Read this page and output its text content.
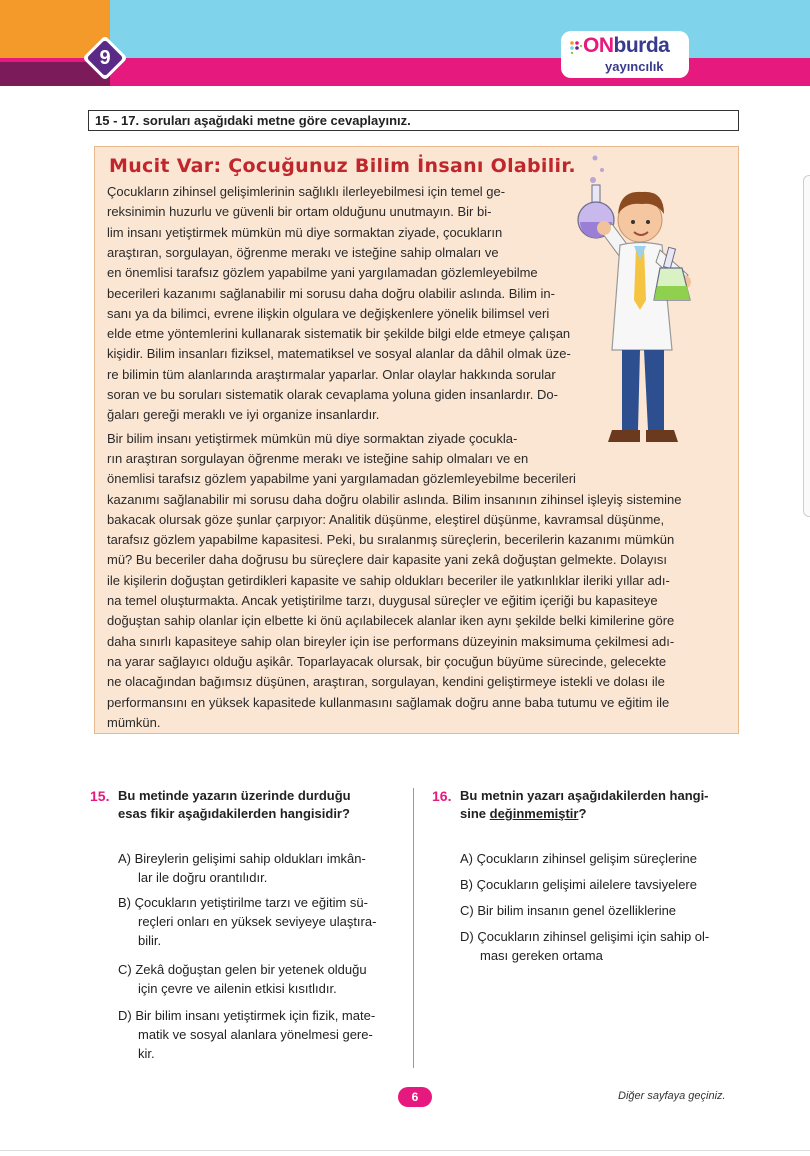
9
ONburda
yayıncılık
15 - 17. soruları aşağıdaki metne göre cevaplayınız.
Mucit Var: Çocuğunuz Bilim İnsanı Olabilir.
Çocukların zihinsel gelişimlerinin sağlıklı ilerleyebilmesi için temel ge-
reksinimin huzurlu ve güvenli bir ortam olduğunu unutmayın. Bir bi-
lim insanı yetiştirmek mümkün mü diye sormaktan ziyade, çocukların
araştıran, sorgulayan, öğrenme merakı ve isteğine sahip olmaları ve
en önemlisi tarafsız gözlem yapabilme yani yargılamadan gözlemleyebilme
becerileri kazanımı sağlanabilir mi sorusu daha doğru olabilir aslında. Bilim in-
sanı ya da bilimci, evrene ilişkin olgulara ve değişkenlere yönelik bilimsel veri
elde etme yöntemlerini kullanarak sistematik bir şekilde bilgi elde etmeye çalışan
kişidir. Bilim insanları fiziksel, matematiksel ve sosyal alanlar da dâhil olmak üze-
re bilimin tüm alanlarında araştırmalar yaparlar. Onlar olaylar hakkında sorular
soran ve bu soruları sistematik olarak cevaplama yoluna giden insanlardır. Do-
ğaları gereği meraklı ve iyi organize insanlardır.
Bir bilim insanı yetiştirmek mümkün mü diye sormaktan ziyade çocukla-
rın araştıran sorgulayan öğrenme merakı ve isteğine sahip olmaları ve en
önemlisi tarafsız gözlem yapabilme yani yargılamadan gözlemleyebilme becerileri
kazanımı sağlanabilir mi sorusu daha doğru olabilir aslında. Bilim insanının zihinsel işleyiş sistemine
bakacak olursak göze şunlar çarpıyor: Analitik düşünme, eleştirel düşünme, kavramsal düşünme,
tarafsız gözlem yapabilme kapasitesi. Peki, bu sıralanmış süreçlerin, becerilerin kazanımı mümkün
mü? Bu beceriler daha doğrusu bu süreçlere dair kapasite yani zekâ doğuştan gelmekte. Dolayısı
ile kişilerin doğuştan getirdikleri kapasite ve sahip oldukları beceriler ile yatkınlıklar ileriki yıllar adı-
na temel oluşturmakta. Ancak yetiştirilme tarzı, duygusal süreçler ve eğitim içeriği bu kapasiteye
doğuştan sahip olanlar için elbette ki önü açılabilecek alanlar iken aynı şekilde belki kimilerine göre
daha sınırlı kapasiteye sahip olan bireyler için ise performans düzeyinin maksimuma çekilmesi adı-
na yarar sağlayıcı olduğu aşikâr. Toparlayacak olursak, bir çocuğun büyüme sürecinde, gelecekte
ne olacağından bağımsız düşünen, araştıran, sorgulayan, kendini geliştirmeye istekli ve dolası ile
performansını en yüksek kapasitede kullanmasını sağlamak doğru anne baba tutumu ve eğitim ile
mümkün.
15. Bu metinde yazarın üzerinde durduğu
esas fikir aşağıdakilerden hangisidir?
A) Bireylerin gelişimi sahip oldukları imkân-
lar ile doğru orantılıdır.
B) Çocukların yetiştirilme tarzı ve eğitim sü-
reçleri onları en yüksek seviyeye ulaştıra-
bilir.
C) Zekâ doğuştan gelen bir yetenek olduğu
için çevre ve ailenin etkisi kısıtlıdır.
D) Bir bilim insanı yetiştirmek için fizik, mate-
matik ve sosyal alanlara yönelmesi gere-
kir.
16. Bu metnin yazarı aşağıdakilerden hangi-
sine değinmemiştir?
A) Çocukların zihinsel gelişim süreçlerine
B) Çocukların gelişimi ailelere tavsiyelere
C) Bir bilim insanın genel özelliklerine
D) Çocukların zihinsel gelişimi için sahip ol-
ması gereken ortama
6	Diğer sayfaya geçiniz.
